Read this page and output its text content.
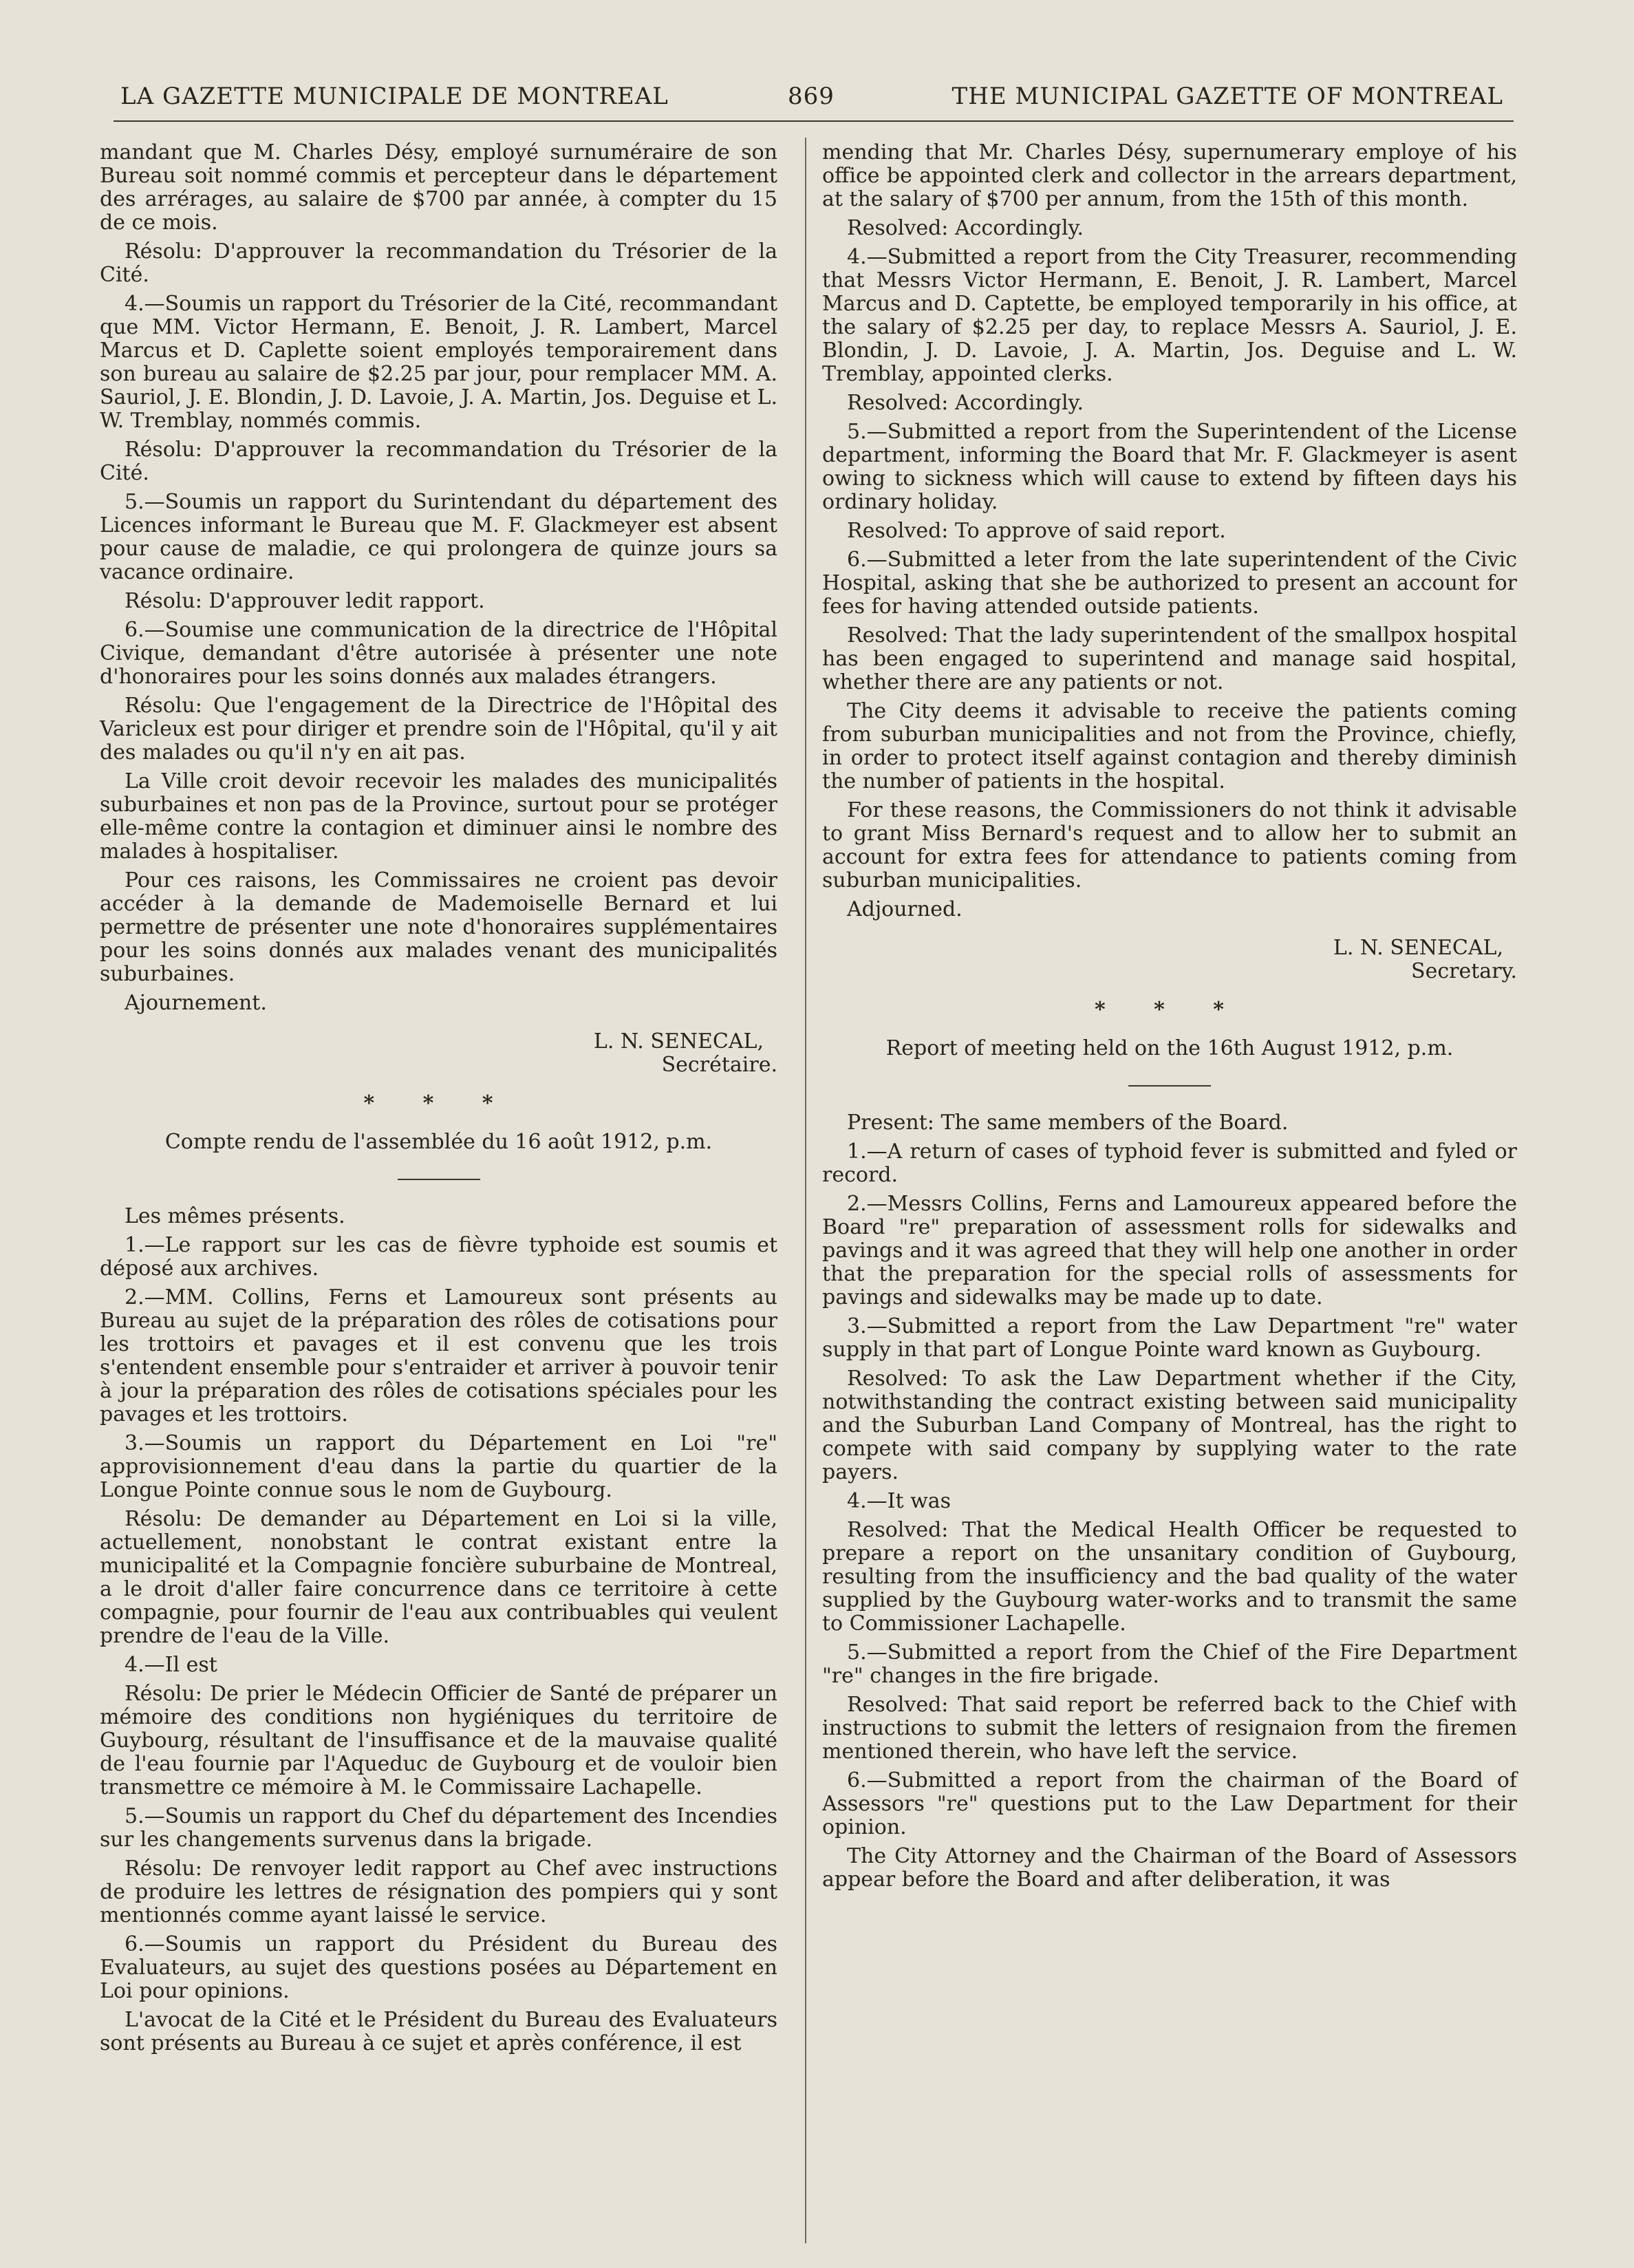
LA GAZETTE MUNICIPALE DE MONTREAL	869	THE MUNICIPAL GAZETTE OF MONTREAL

mandant que M. Charles Désy, employé surnuméraire de son Bureau soit nommé commis et percepteur dans le département des arrérages, au salaire de $700 par année, à compter du 15 de ce mois.

Résolu: D'approuver la recommandation du Trésorier de la Cité.

4.—Soumis un rapport du Trésorier de la Cité, recommandant que MM. Victor Hermann, E. Benoit, J. R. Lambert, Marcel Marcus et D. Caplette soient employés temporairement dans son bureau au salaire de $2.25 par jour, pour remplacer MM. A. Sauriol, J. E. Blondin, J. D. Lavoie, J. A. Martin, Jos. Deguise et L. W. Tremblay, nommés commis.

Résolu: D'approuver la recommandation du Trésorier de la Cité.

5.—Soumis un rapport du Surintendant du département des Licences informant le Bureau que M. F. Glackmeyer est absent pour cause de maladie, ce qui prolongera de quinze jours sa vacance ordinaire.

Résolu: D'approuver ledit rapport.

6.—Soumise une communication de la directrice de l'Hôpital Civique, demandant d'être autorisée à présenter une note d'honoraires pour les soins donnés aux malades étrangers.

Résolu: Que l'engagement de la Directrice de l'Hôpital des Varicleux est pour diriger et prendre soin de l'Hôpital, qu'il y ait des malades ou qu'il n'y en ait pas.

La Ville croit devoir recevoir les malades des municipalités suburbaines et non pas de la Province, surtout pour se protéger elle-même contre la contagion et diminuer ainsi le nombre des malades à hospitaliser.

Pour ces raisons, les Commissaires ne croient pas devoir accéder à la demande de Mademoiselle Bernard et lui permettre de présenter une note d'honoraires supplémentaires pour les soins donnés aux malades venant des municipalités suburbaines.

Ajournement.

L. N. SENECAL,
Secrétaire.
* * *

Compte rendu de l'assemblée du 16 août 1912, p.m.

Les mêmes présents.

1.—Le rapport sur les cas de fièvre typhoide est soumis et déposé aux archives.

2.—MM. Collins, Ferns et Lamoureux sont présents au Bureau au sujet de la préparation des rôles de cotisations pour les trottoirs et pavages et il est convenu que les trois s'entendent ensemble pour s'entraider et arriver à pouvoir tenir à jour la préparation des rôles de cotisations spéciales pour les pavages et les trottoirs.

3.—Soumis un rapport du Département en Loi "re" approvisionnement d'eau dans la partie du quartier de la Longue Pointe connue sous le nom de Guybourg.

Résolu: De demander au Département en Loi si la ville, actuellement, nonobstant le contrat existant entre la municipalité et la Compagnie foncière suburbaine de Montreal, a le droit d'aller faire concurrence dans ce territoire à cette compagnie, pour fournir de l'eau aux contribuables qui veulent prendre de l'eau de la Ville.

4.—Il est

Résolu: De prier le Médecin Officier de Santé de préparer un mémoire des conditions non hygiéniques du territoire de Guybourg, résultant de l'insuffisance et de la mauvaise qualité de l'eau fournie par l'Aqueduc de Guybourg et de vouloir bien transmettre ce mémoire à M. le Commissaire Lachapelle.

5.—Soumis un rapport du Chef du département des Incendies sur les changements survenus dans la brigade.

Résolu: De renvoyer ledit rapport au Chef avec instructions de produire les lettres de résignation des pompiers qui y sont mentionnés comme ayant laissé le service.

6.—Soumis un rapport du Président du Bureau des Evaluateurs, au sujet des questions posées au Département en Loi pour opinions.

L'avocat de la Cité et le Président du Bureau des Evaluateurs sont présents au Bureau à ce sujet et après conférence, il est

mending that Mr. Charles Désy, supernumerary employe of his office be appointed clerk and collector in the arrears department, at the salary of $700 per annum, from the 15th of this month.

Resolved: Accordingly.

4.—Submitted a report from the City Treasurer, recommending that Messrs Victor Hermann, E. Benoit, J. R. Lambert, Marcel Marcus and D. Captette, be employed temporarily in his office, at the salary of $2.25 per day, to replace Messrs A. Sauriol, J. E. Blondin, J. D. Lavoie, J. A. Martin, Jos. Deguise and L. W. Tremblay, appointed clerks.

Resolved: Accordingly.

5.—Submitted a report from the Superintendent of the License department, informing the Board that Mr. F. Glackmeyer is asent owing to sickness which will cause to extend by fifteen days his ordinary holiday.

Resolved: To approve of said report.

6.—Submitted a leter from the late superintendent of the Civic Hospital, asking that she be authorized to present an account for fees for having attended outside patients.

Resolved: That the lady superintendent of the smallpox hospital has been engaged to superintend and manage said hospital, whether there are any patients or not.

The City deems it advisable to receive the patients coming from suburban municipalities and not from the Province, chiefly, in order to protect itself against contagion and thereby diminish the number of patients in the hospital.

For these reasons, the Commissioners do not think it advisable to grant Miss Bernard's request and to allow her to submit an account for extra fees for attendance to patients coming from suburban municipalities.

Adjourned.

L. N. SENECAL,
Secretary.
* * *

Report of meeting held on the 16th August 1912, p.m.

Present: The same members of the Board.

1.—A return of cases of typhoid fever is submitted and fyled or record.

2.—Messrs Collins, Ferns and Lamoureux appeared before the Board "re" preparation of assessment rolls for sidewalks and pavings and it was agreed that they will help one another in order that the preparation for the special rolls of assessments for pavings and sidewalks may be made up to date.

3.—Submitted a report from the Law Department "re" water supply in that part of Longue Pointe ward known as Guybourg.

Resolved: To ask the Law Department whether if the City, notwithstanding the contract existing between said municipality and the Suburban Land Company of Montreal, has the right to compete with said company by supplying water to the rate payers.

4.—It was

Resolved: That the Medical Health Officer be requested to prepare a report on the unsanitary condition of Guybourg, resulting from the insufficiency and the bad quality of the water supplied by the Guybourg water-works and to transmit the same to Commissioner Lachapelle.

5.—Submitted a report from the Chief of the Fire Department "re" changes in the fire brigade.

Resolved: That said report be referred back to the Chief with instructions to submit the letters of resignaion from the firemen mentioned therein, who have left the service.

6.—Submitted a report from the chairman of the Board of Assessors "re" questions put to the Law Department for their opinion.

The City Attorney and the Chairman of the Board of Assessors appear before the Board and after deliberation, it was
